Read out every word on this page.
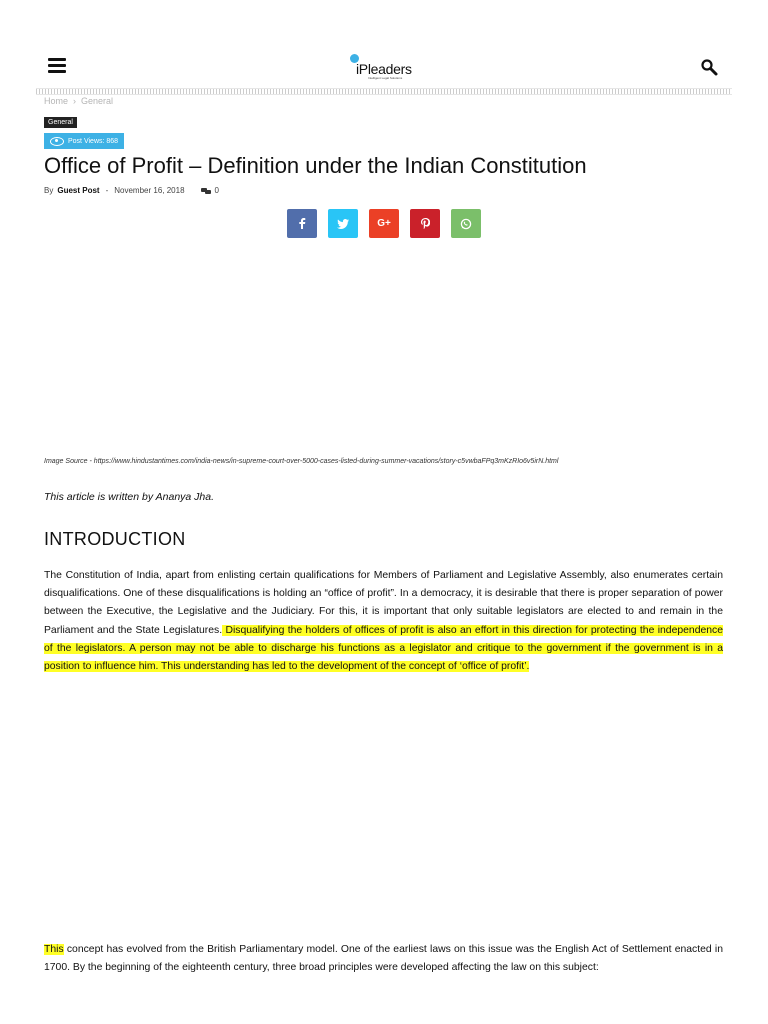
iPleaders
Intelligent Legal Solutions
Home › General
General
Post Views: 868
Office of Profit – Definition under the Indian Constitution
By Guest Post - November 16, 2018	0
G+
Image Source - https://www.hindustantimes.com/india-news/in-supreme-court-over-5000-cases-listed-during-summer-vacations/story-c5vwbaFPq3mKzRIo6v5irN.html
This article is written by Ananya Jha.
INTRODUCTION

The Constitution of India, apart from enlisting certain qualifications for Members of Parliament and Legislative Assembly, also enumerates certain disqualifications. One of these disqualifications is holding an “office of profit”. In a democracy, it is desirable that there is proper separation of power between the Executive, the Legislative and the Judiciary. For this, it is important that only suitable legislators are elected to and remain in the Parliament and the State Legislatures. Disqualifying the holders of offices of profit is also an effort in this direction for protecting the independence of the legislators. A person may not be able to discharge his functions as a legislator and critique to the government if the government is in a position to influence him. This understanding has led to the development of the concept of ‘office of profit’.

This concept has evolved from the British Parliamentary model. One of the earliest laws on this issue was the English Act of Settlement enacted in 1700. By the beginning of the eighteenth century, three broad principles were developed affecting the law on this subject:
